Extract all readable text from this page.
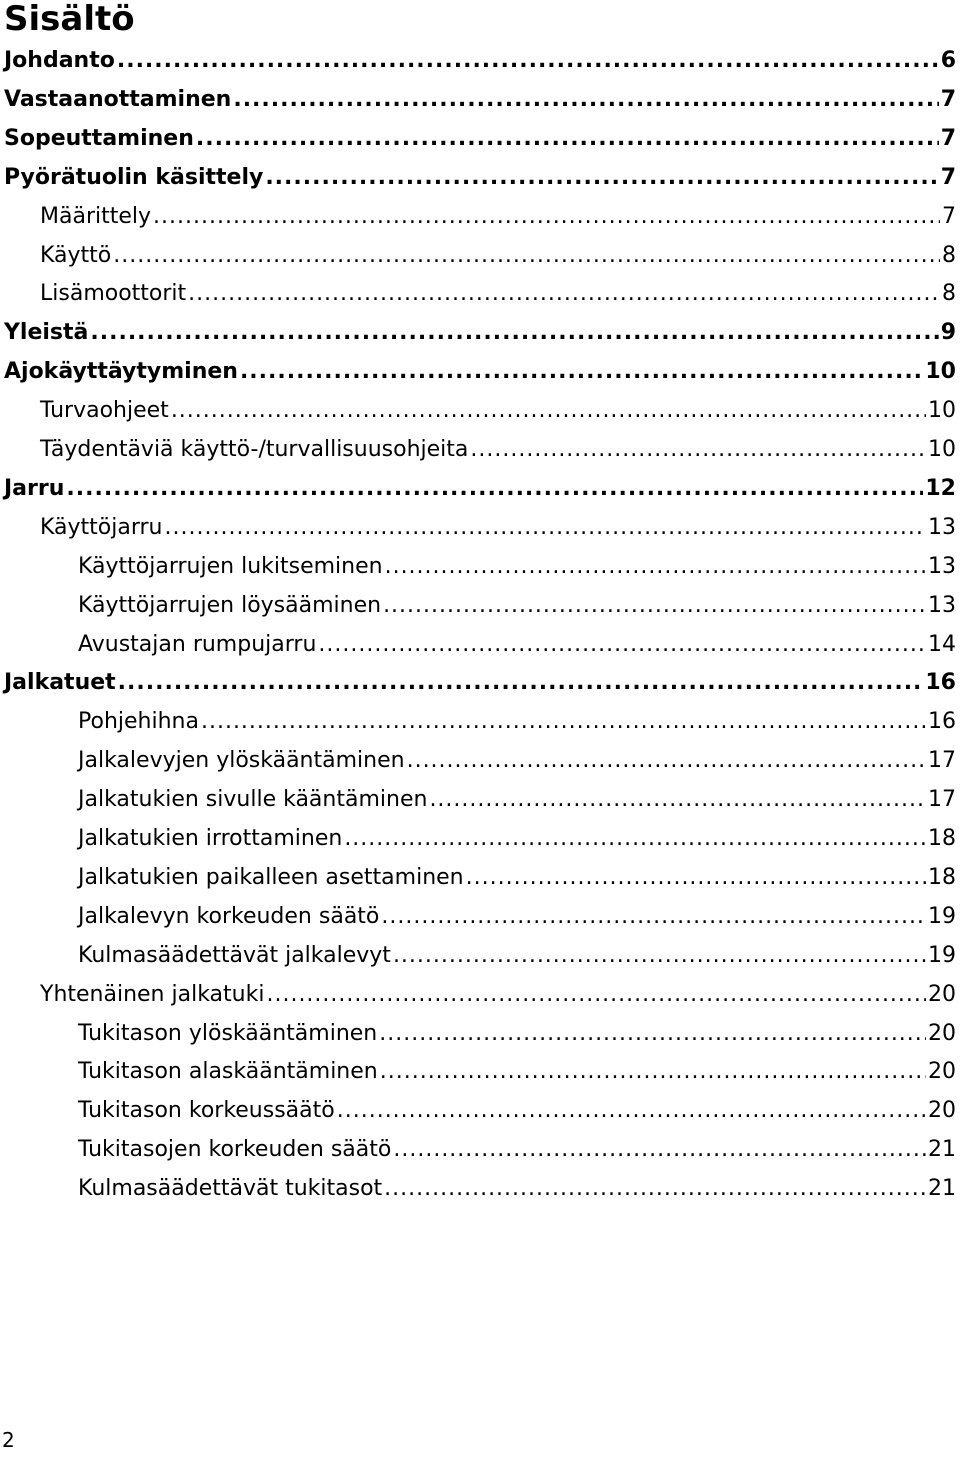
Sisältö
Johdanto .....	6
Vastaanottaminen .....	7
Sopeuttaminen .....	7
Pyörätuolin käsittely .....	7
Määrittely .....	7
Käyttö .....	8
Lisämoottorit .....	8
Yleistä .....	9
Ajokäyttäytyminen .....	10
Turvaohjeet .....	10
Täydentäviä käyttö-/turvallisuusohjeita .....	10
Jarru .....	12
Käyttöjarru .....	13
Käyttöjarrujen lukitseminen .....	13
Käyttöjarrujen löysääminen .....	13
Avustajan rumpujarru .....	14
Jalkatuet .....	16
Pohjehihna .....	16
Jalkalevyjen ylöskääntäminen .....	17
Jalkatukien sivulle kääntäminen .....	17
Jalkatukien irrottaminen .....	18
Jalkatukien paikalleen asettaminen .....	18
Jalkalevyn korkeuden säätö .....	19
Kulmasäädettävät jalkalevyt .....	19
Yhtenäinen jalkatuki .....	20
Tukitason ylöskääntäminen .....	20
Tukitason alaskääntäminen .....	20
Tukitason korkeussäätö .....	20
Tukitasojen korkeuden säätö .....	21
Kulmasäädettävät tukitasot .....	21
2
